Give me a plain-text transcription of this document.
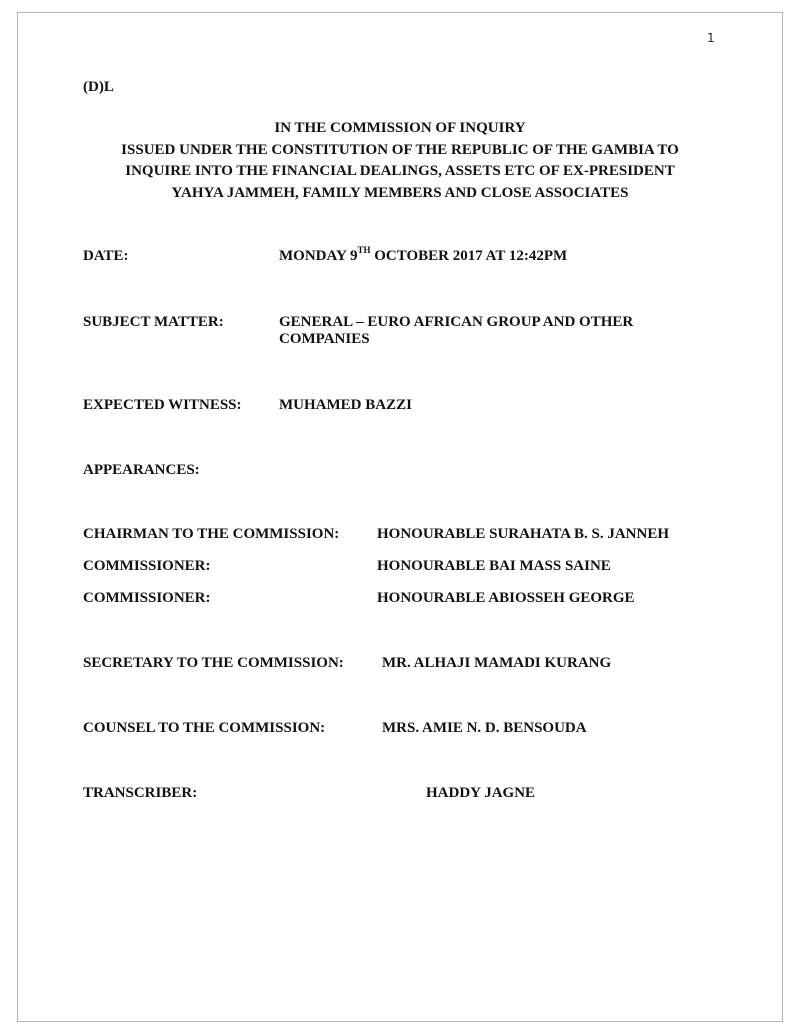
1
(D)L
IN THE COMMISSION OF INQUIRY
ISSUED UNDER THE CONSTITUTION OF THE REPUBLIC OF THE GAMBIA TO
INQUIRE INTO THE FINANCIAL DEALINGS, ASSETS ETC OF EX-PRESIDENT
YAHYA JAMMEH, FAMILY MEMBERS AND CLOSE ASSOCIATES
DATE:	MONDAY 9TH OCTOBER 2017 AT 12:42PM
SUBJECT MATTER:	GENERAL – EURO AFRICAN GROUP AND OTHER
COMPANIES
EXPECTED WITNESS: MUHAMED BAZZI
APPEARANCES:
CHAIRMAN TO THE COMMISSION:	HONOURABLE SURAHATA B. S. JANNEH
COMMISSIONER:	HONOURABLE BAI MASS SAINE
COMMISSIONER:	HONOURABLE ABIOSSEH GEORGE
SECRETARY TO THE COMMISSION:	MR. ALHAJI MAMADI KURANG
COUNSEL TO THE COMMISSION:	MRS. AMIE N. D. BENSOUDA
TRANSCRIBER:	HADDY JAGNE
